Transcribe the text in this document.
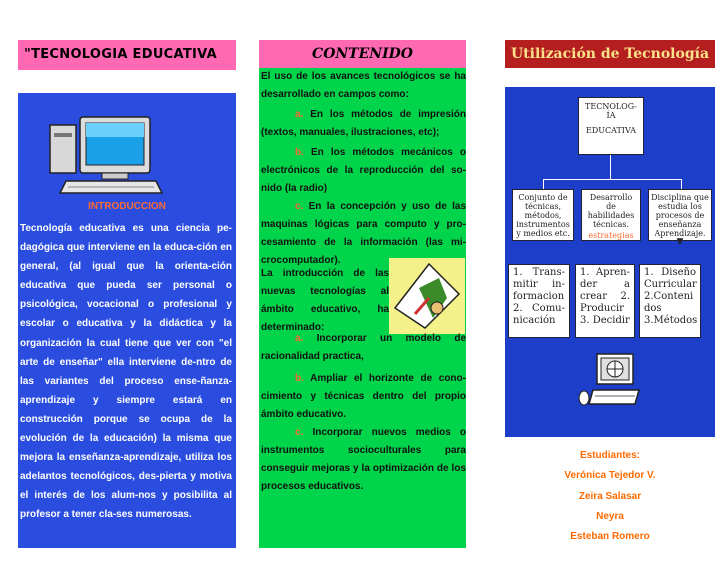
"TECNOLOGIA EDUCATIVA
INTRODUCCION
Tecnología educativa es una ciencia pe-dagógica que interviene en la educa-ción en general, (al igual que la orienta-ción educativa que pueda ser personal o psicológica, vocacional o profesional y escolar o educativa y la didáctica y la organización la cual tiene que ver con "el arte de enseñar" ella interviene de-ntro de las variantes del proceso ense-ñanza- aprendizaje y siempre estará en construcción porque se ocupa de la evolución de la educación) la misma que mejora la enseñanza-aprendizaje, utiliza los adelantos tecnológicos, des-pierta y motiva el interés de los alum-nos y posibilita al profesor a tener cla-ses numerosas.
CONTENIDO
El uso de los avances tecnológicos se ha desarrollado en campos como:
a. En los métodos de impresión (textos, manuales, ilustraciones, etc);
b. En los métodos mecánicos o electrónicos de la reproducción del so-nido (la radio)
c. En la concepción y uso de las maquinas lógicas para computo y pro-cesamiento de la información (las mi-crocomputador).
La introducción de las nuevas tecnologías al ámbito educativo, ha determinado:
a. Incorporar un modelo de racionalidad practica,
b. Ampliar el horizonte de cono-cimiento y técnicas dentro del propio ámbito educativo.
c. Incorporar nuevos medios o instrumentos socioculturales para conseguir mejoras y la optimización de los procesos educativos.
Utilización de Tecnología
TECNOLOG-
ÍA
EDUCATIVA
Conjunto de técnicas, métodos, instrumentos y medios etc.
Desarrollo de habilidades técnicas.
estrategias
Disciplina que estudia los procesos de enseñanza Aprendizaje.
▼
1. Trans-mitir in-formacion 2. Comu-nicación
1. Apren-der a crear 2. Producir 3. Decidir
1. Diseño Curricular 2.Conteni dos 3.Métodos
Estudiantes:
Verónica Tejedor V.
Zeira Salasar
Neyra
Esteban Romero
